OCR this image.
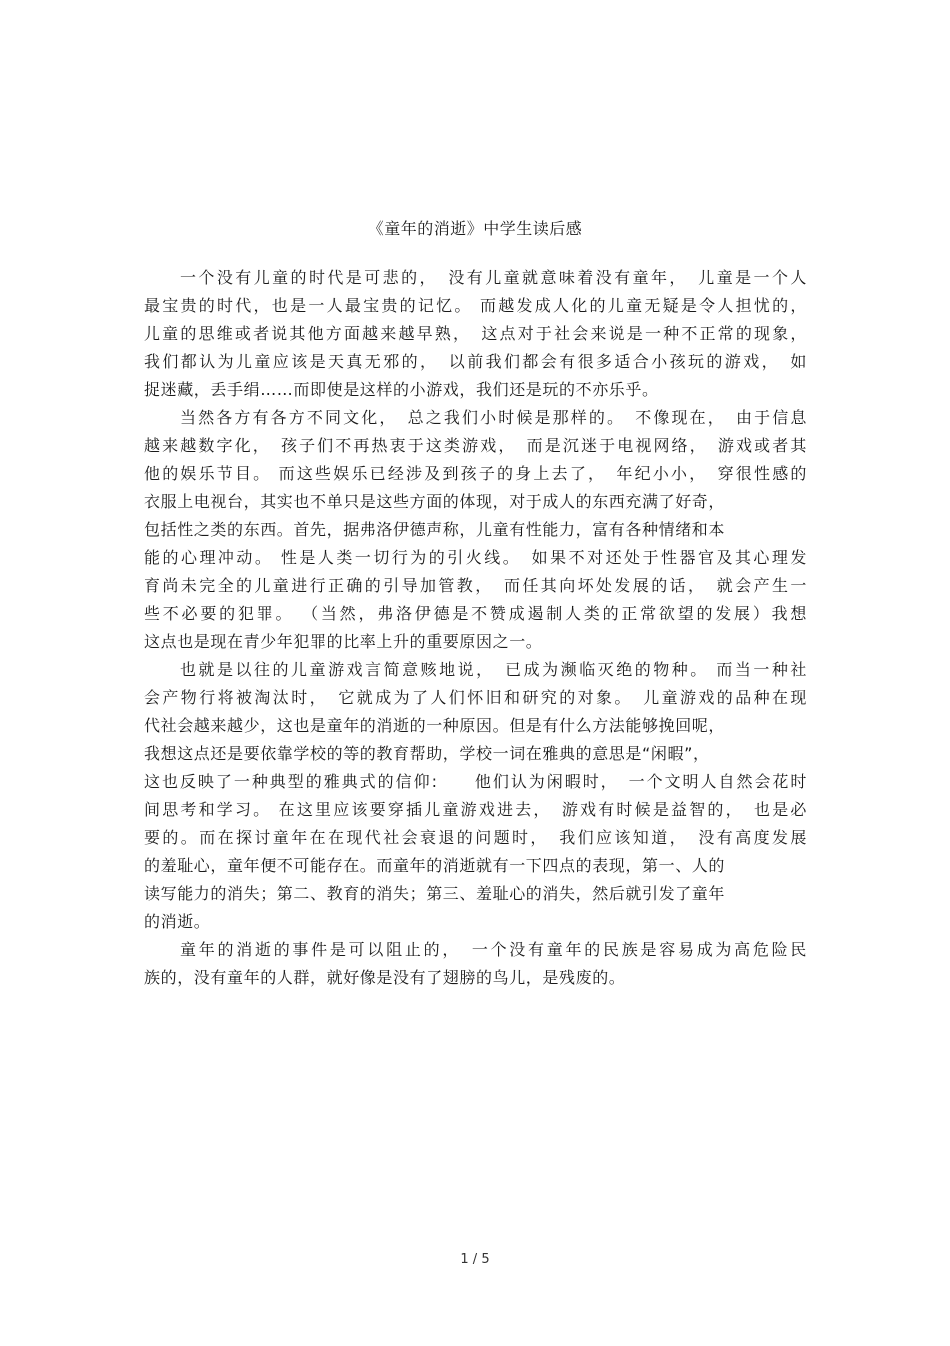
《童年的消逝》中学生读后感
一个没有儿童的时代是可悲的，　没有儿童就意味着没有童年，　儿童是一个人
最宝贵的时代，也是一人最宝贵的记忆。 而越发成人化的儿童无疑是令人担忧的，
儿童的思维或者说其他方面越来越早熟，　这点对于社会来说是一种不正常的现象，
我们都认为儿童应该是天真无邪的，　以前我们都会有很多适合小孩玩的游戏，　如
捉迷藏，丢手绢……而即使是这样的小游戏，我们还是玩的不亦乐乎。
当然各方有各方不同文化，　总之我们小时候是那样的。　不像现在，　由于信息
越来越数字化，　孩子们不再热衷于这类游戏，　而是沉迷于电视网络，　游戏或者其
他的娱乐节目。 而这些娱乐已经涉及到孩子的身上去了，　年纪小小，　穿很性感的
衣服上电视台，其实也不单只是这些方面的体现，对于成人的东西充满了好奇，
包括性之类的东西。首先，据弗洛伊德声称，儿童有性能力，富有各种情绪和本
能的心理冲动。 性是人类一切行为的引火线。　如果不对还处于性器官及其心理发
育尚未完全的儿童进行正确的引导加管教，　而任其向坏处发展的话，　就会产生一
些不必要的犯罪。 （当然，弗洛伊德是不赞成遏制人类的正常欲望的发展）我想
这点也是现在青少年犯罪的比率上升的重要原因之一。
也就是以往的儿童游戏言简意赅地说，　已成为濒临灭绝的物种。 而当一种社
会产物行将被淘汰时，　它就成为了人们怀旧和研究的对象。　儿童游戏的品种在现
代社会越来越少，这也是童年的消逝的一种原因。但是有什么方法能够挽回呢，
我想这点还是要依靠学校的等的教育帮助，学校一词在雅典的意思是“闲暇”，
这也反映了一种典型的雅典式的信仰:　　他们认为闲暇时，　一个文明人自然会花时
间思考和学习。 在这里应该要穿插儿童游戏进去，　游戏有时候是益智的，　也是必
要的。而在探讨童年在在现代社会衰退的问题时，　我们应该知道，　没有高度发展
的羞耻心，童年便不可能存在。而童年的消逝就有一下四点的表现，第一、人的
读写能力的消失；第二、教育的消失；第三、羞耻心的消失，然后就引发了童年
的消逝。
童年的消逝的事件是可以阻止的，　一个没有童年的民族是容易成为高危险民
族的，没有童年的人群，就好像是没有了翅膀的鸟儿，是残废的。
1 / 5
